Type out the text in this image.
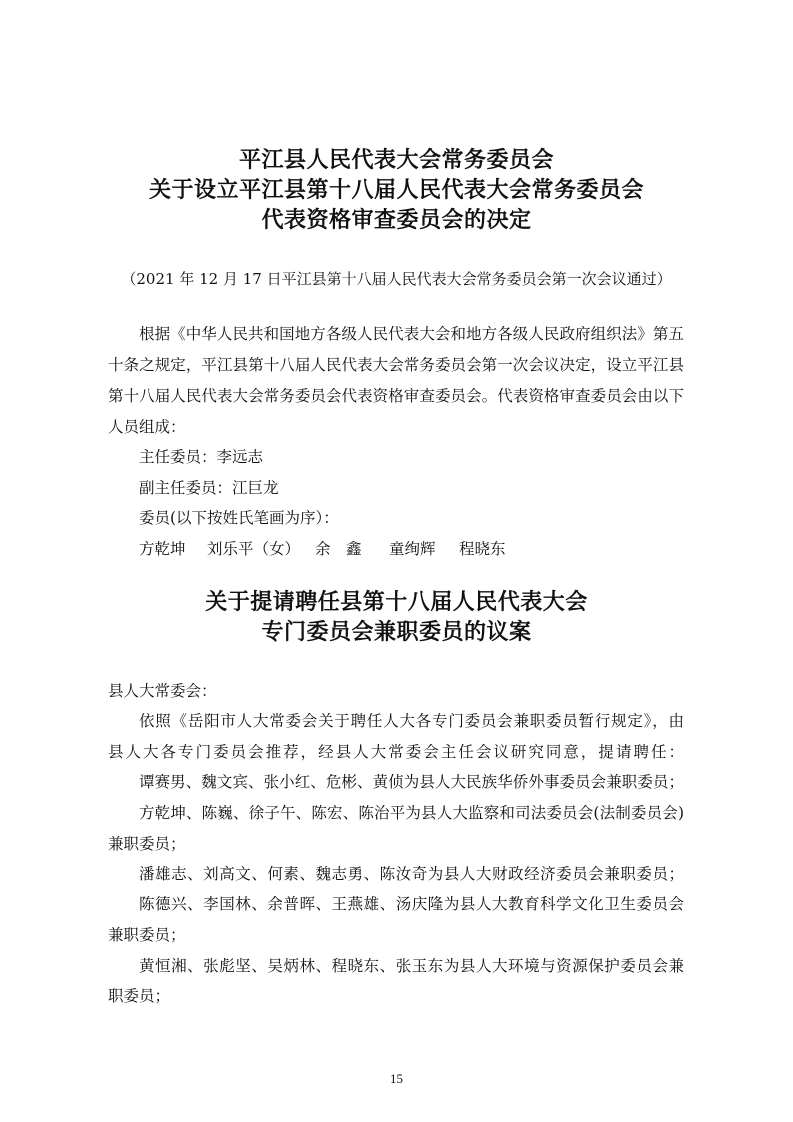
平江县人民代表大会常务委员会
关于设立平江县第十八届人民代表大会常务委员会
代表资格审查委员会的决定
（2021 年 12 月 17 日平江县第十八届人民代表大会常务委员会第一次会议通过）
根据《中华人民共和国地方各级人民代表大会和地方各级人民政府组织法》第五
十条之规定，平江县第十八届人民代表大会常务委员会第一次会议决定，设立平江县
第十八届人民代表大会常务委员会代表资格审查委员会。代表资格审查委员会由以下
人员组成：
主任委员：李远志
副主任委员：江巨龙
委员(以下按姓氏笔画为序）：
方乾坤 刘乐平（女） 余　鑫 童绚辉 程晓东
关于提请聘任县第十八届人民代表大会
专门委员会兼职委员的议案
县人大常委会：
依照《岳阳市人大常委会关于聘任人大各专门委员会兼职委员暂行规定》，由
县人大各专门委员会推荐，经县人大常委会主任会议研究同意，提请聘任：
谭赛男、魏文宾、张小红、危彬、黄侦为县人大民族华侨外事委员会兼职委员；
方乾坤、陈巍、徐子午、陈宏、陈治平为县人大监察和司法委员会(法制委员会)
兼职委员；
潘雄志、刘高文、何素、魏志勇、陈汝奇为县人大财政经济委员会兼职委员；
陈德兴、李国林、余普晖、王燕雄、汤庆隆为县人大教育科学文化卫生委员会
兼职委员；
黄恒湘、张彪坚、吴炳林、程晓东、张玉东为县人大环境与资源保护委员会兼
职委员；
15
